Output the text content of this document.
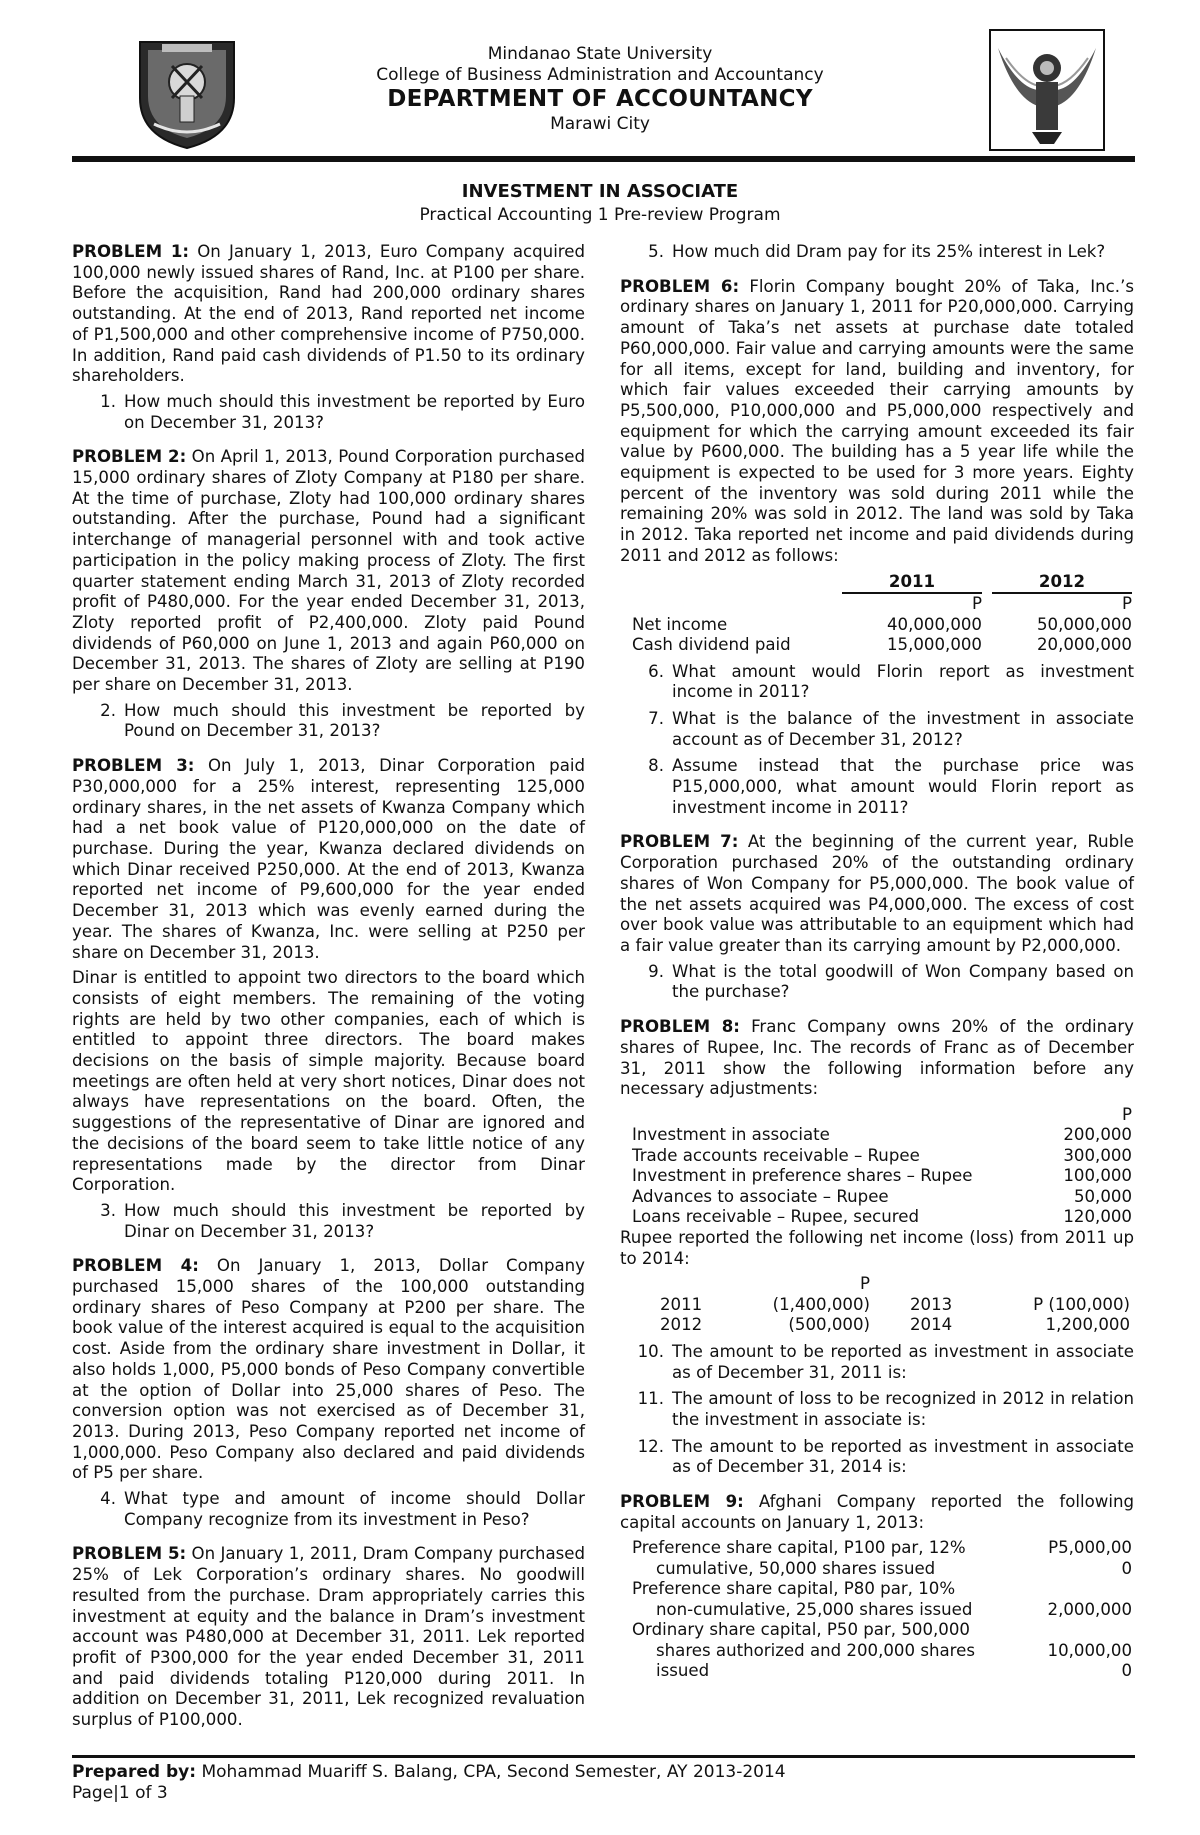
Mindanao State University
College of Business Administration and Accountancy
DEPARTMENT OF ACCOUNTANCY
Marawi City
INVESTMENT IN ASSOCIATE
Practical Accounting 1 Pre-review Program

PROBLEM 1: On January 1, 2013, Euro Company acquired 100,000 newly issued shares of Rand, Inc. at P100 per share. Before the acquisition, Rand had 200,000 ordinary shares outstanding. At the end of 2013, Rand reported net income of P1,500,000 and other comprehensive income of P750,000. In addition, Rand paid cash dividends of P1.50 to its ordinary shareholders.

1. How much should this investment be reported by Euro on December 31, 2013?

PROBLEM 2: On April 1, 2013, Pound Corporation purchased 15,000 ordinary shares of Zloty Company at P180 per share. At the time of purchase, Zloty had 100,000 ordinary shares outstanding. After the purchase, Pound had a significant interchange of managerial personnel with and took active participation in the policy making process of Zloty. The first quarter statement ending March 31, 2013 of Zloty recorded profit of P480,000. For the year ended December 31, 2013, Zloty reported profit of P2,400,000. Zloty paid Pound dividends of P60,000 on June 1, 2013 and again P60,000 on December 31, 2013. The shares of Zloty are selling at P190 per share on December 31, 2013.

2. How much should this investment be reported by Pound on December 31, 2013?

PROBLEM 3: On July 1, 2013, Dinar Corporation paid P30,000,000 for a 25% interest, representing 125,000 ordinary shares, in the net assets of Kwanza Company which had a net book value of P120,000,000 on the date of purchase. During the year, Kwanza declared dividends on which Dinar received P250,000. At the end of 2013, Kwanza reported net income of P9,600,000 for the year ended December 31, 2013 which was evenly earned during the year. The shares of Kwanza, Inc. were selling at P250 per share on December 31, 2013.

Dinar is entitled to appoint two directors to the board which consists of eight members. The remaining of the voting rights are held by two other companies, each of which is entitled to appoint three directors. The board makes decisions on the basis of simple majority. Because board meetings are often held at very short notices, Dinar does not always have representations on the board. Often, the suggestions of the representative of Dinar are ignored and the decisions of the board seem to take little notice of any representations made by the director from Dinar Corporation.

3. How much should this investment be reported by Dinar on December 31, 2013?

PROBLEM 4: On January 1, 2013, Dollar Company purchased 15,000 shares of the 100,000 outstanding ordinary shares of Peso Company at P200 per share. The book value of the interest acquired is equal to the acquisition cost. Aside from the ordinary share investment in Dollar, it also holds 1,000, P5,000 bonds of Peso Company convertible at the option of Dollar into 25,000 shares of Peso. The conversion option was not exercised as of December 31, 2013. During 2013, Peso Company reported net income of 1,000,000. Peso Company also declared and paid dividends of P5 per share.

4. What type and amount of income should Dollar Company recognize from its investment in Peso?

PROBLEM 5: On January 1, 2011, Dram Company purchased 25% of Lek Corporation’s ordinary shares. No goodwill resulted from the purchase. Dram appropriately carries this investment at equity and the balance in Dram’s investment account was P480,000 at December 31, 2011. Lek reported profit of P300,000 for the year ended December 31, 2011 and paid dividends totaling P120,000 during 2011. In addition on December 31, 2011, Lek recognized revaluation surplus of P100,000.

5. How much did Dram pay for its 25% interest in Lek?

PROBLEM 6: Florin Company bought 20% of Taka, Inc.’s ordinary shares on January 1, 2011 for P20,000,000. Carrying amount of Taka’s net assets at purchase date totaled P60,000,000. Fair value and carrying amounts were the same for all items, except for land, building and inventory, for which fair values exceeded their carrying amounts by P5,500,000, P10,000,000 and P5,000,000 respectively and equipment for which the carrying amount exceeded its fair value by P600,000. The building has a 5 year life while the equipment is expected to be used for 3 more years. Eighty percent of the inventory was sold during 2011 while the remaining 20% was sold in 2012. The land was sold by Taka in 2012. Taka reported net income and paid dividends during 2011 and 2012 as follows:

	2011		2012
	P		P
Net income	40,000,000		50,000,000
Cash dividend paid	15,000,000		20,000,000
6. What amount would Florin report as investment income in 2011?
7. What is the balance of the investment in associate account as of December 31, 2012?
8. Assume instead that the purchase price was P15,000,000, what amount would Florin report as investment income in 2011?

PROBLEM 7: At the beginning of the current year, Ruble Corporation purchased 20% of the outstanding ordinary shares of Won Company for P5,000,000. The book value of the net assets acquired was P4,000,000. The excess of cost over book value was attributable to an equipment which had a fair value greater than its carrying amount by P2,000,000.

9. What is the total goodwill of Won Company based on the purchase?

PROBLEM 8: Franc Company owns 20% of the ordinary shares of Rupee, Inc. The records of Franc as of December 31, 2011 show the following information before any necessary adjustments:

	P
Investment in associate	200,000
Trade accounts receivable – Rupee	300,000
Investment in preference shares – Rupee	100,000
Advances to associate – Rupee	50,000
Loans receivable – Rupee, secured	120,000

Rupee reported the following net income (loss) from 2011 up to 2014:

	P		
2011	(1,400,000)	2013	P (100,000)
2012	(500,000)	2014	1,200,000
10. The amount to be reported as investment in associate as of December 31, 2011 is:
11. The amount of loss to be recognized in 2012 in relation the investment in associate is:
12. The amount to be reported as investment in associate as of December 31, 2014 is:

PROBLEM 9: Afghani Company reported the following capital accounts on January 1, 2013:

Preference share capital, P100 par, 12%	P5,000,00
cumulative, 50,000 shares issued	0
Preference share capital, P80 par, 10%	
non-cumulative, 25,000 shares issued	2,000,000
Ordinary share capital, P50 par, 500,000	
shares authorized and 200,000 shares	10,000,00
issued	0
Prepared by: Mohammad Muariff S. Balang, CPA, Second Semester, AY 2013-2014
Page|1 of 3
